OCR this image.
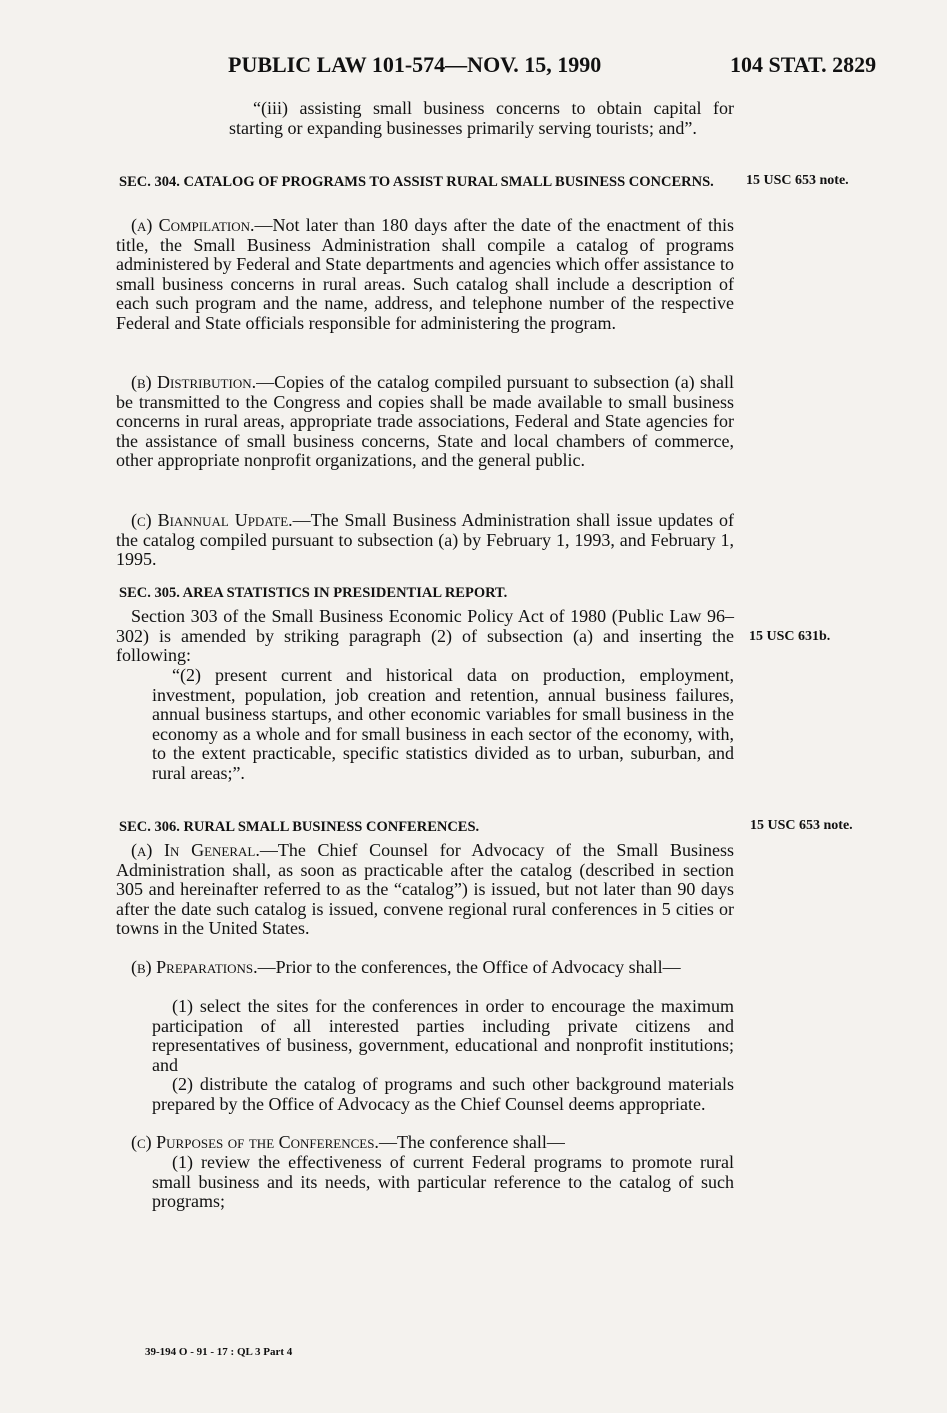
PUBLIC LAW 101-574—NOV. 15, 1990	104 STAT. 2829
“(iii) assisting small business concerns to obtain capital for starting or expanding businesses primarily serving tourists; and”.
SEC. 304. CATALOG OF PROGRAMS TO ASSIST RURAL SMALL BUSINESS CONCERNS.	15 USC 653 note.
(a) Compilation.—Not later than 180 days after the date of the enactment of this title, the Small Business Administration shall compile a catalog of programs administered by Federal and State departments and agencies which offer assistance to small business concerns in rural areas. Such catalog shall include a description of each such program and the name, address, and telephone number of the respective Federal and State officials responsible for administering the program.
(b) Distribution.—Copies of the catalog compiled pursuant to subsection (a) shall be transmitted to the Congress and copies shall be made available to small business concerns in rural areas, appropriate trade associations, Federal and State agencies for the assistance of small business concerns, State and local chambers of commerce, other appropriate nonprofit organizations, and the general public.
(c) Biannual Update.—The Small Business Administration shall issue updates of the catalog compiled pursuant to subsection (a) by February 1, 1993, and February 1, 1995.
SEC. 305. AREA STATISTICS IN PRESIDENTIAL REPORT.
Section 303 of the Small Business Economic Policy Act of 1980 (Public Law 96–302) is amended by striking paragraph (2) of subsection (a) and inserting the following:
15 USC 631b.
“(2) present current and historical data on production, employment, investment, population, job creation and retention, annual business failures, annual business startups, and other economic variables for small business in the economy as a whole and for small business in each sector of the economy, with, to the extent practicable, specific statistics divided as to urban, suburban, and rural areas;”.
SEC. 306. RURAL SMALL BUSINESS CONFERENCES.	15 USC 653 note.
(a) In General.—The Chief Counsel for Advocacy of the Small Business Administration shall, as soon as practicable after the catalog (described in section 305 and hereinafter referred to as the “catalog”) is issued, but not later than 90 days after the date such catalog is issued, convene regional rural conferences in 5 cities or towns in the United States.
(b) Preparations.—Prior to the conferences, the Office of Advocacy shall—
(1) select the sites for the conferences in order to encourage the maximum participation of all interested parties including private citizens and representatives of business, government, educational and nonprofit institutions; and
(2) distribute the catalog of programs and such other background materials prepared by the Office of Advocacy as the Chief Counsel deems appropriate.
(c) Purposes of the Conferences.—The conference shall—
(1) review the effectiveness of current Federal programs to promote rural small business and its needs, with particular reference to the catalog of such programs;
39-194 O - 91 - 17 : QL 3 Part 4
